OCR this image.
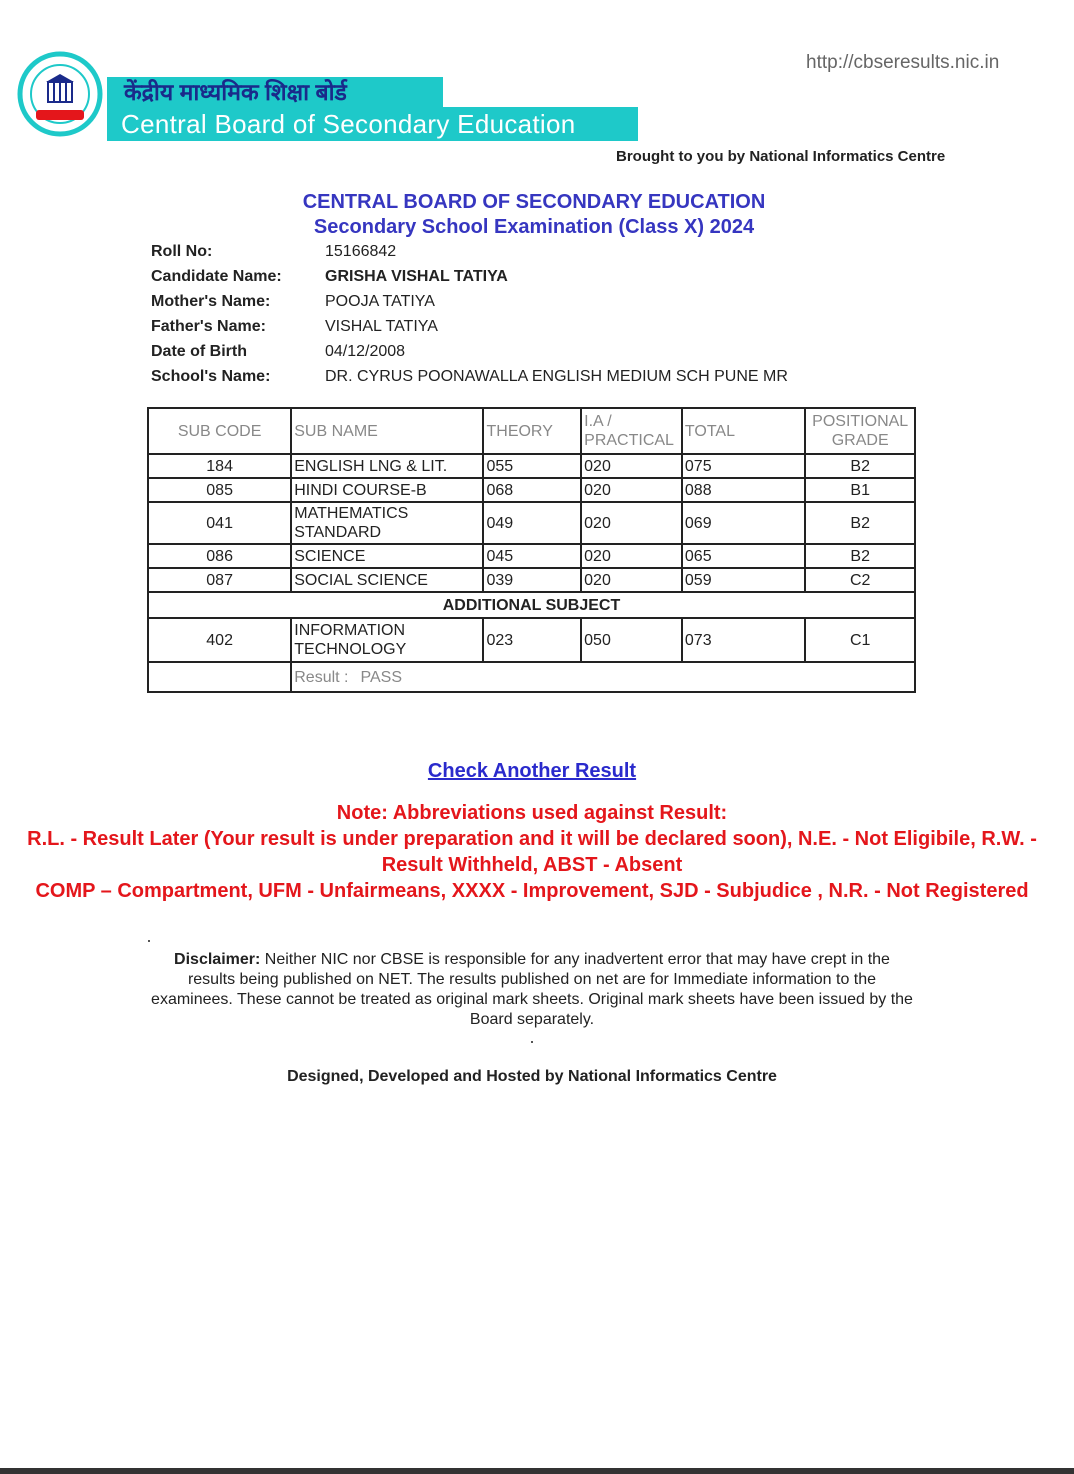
http://cbseresults.nic.in
केंद्रीय माध्यमिक शिक्षा बोर्ड
Central Board of Secondary Education
Brought to you by National Informatics Centre
CENTRAL BOARD OF SECONDARY EDUCATION
Secondary School Examination (Class X) 2024
Roll No:	15166842
Candidate Name:	GRISHA VISHAL TATIYA
Mother's Name:	POOJA TATIYA
Father's Name:	VISHAL TATIYA
Date of Birth	04/12/2008
School's Name:	DR. CYRUS POONAWALLA ENGLISH MEDIUM SCH PUNE MR
SUB CODE	SUB NAME	THEORY	I.A / PRACTICAL	TOTAL	POSITIONAL GRADE
184	ENGLISH LNG & LIT.	055	020	075	B2
085	HINDI COURSE-B	068	020	088	B1
041	MATHEMATICS STANDARD	049	020	069	B2
086	SCIENCE	045	020	065	B2
087	SOCIAL SCIENCE	039	020	059	C2
ADDITIONAL SUBJECT					
402	INFORMATION TECHNOLOGY	023	050	073	C1
	Result : PASS				
Check Another Result
Note: Abbreviations used against Result:
R.L. - Result Later (Your result is under preparation and it will be declared soon), N.E. - Not Eligibile, R.W. -
Result Withheld, ABST - Absent
COMP – Compartment, UFM - Unfairmeans, XXXX - Improvement, SJD - Subjudice , N.R. - Not Registered
Disclaimer: Neither NIC nor CBSE is responsible for any inadvertent error that may have crept in the results being published on NET. The results published on net are for Immediate information to the examinees. These cannot be treated as original mark sheets. Original mark sheets have been issued by the Board separately.
Designed, Developed and Hosted by National Informatics Centre
